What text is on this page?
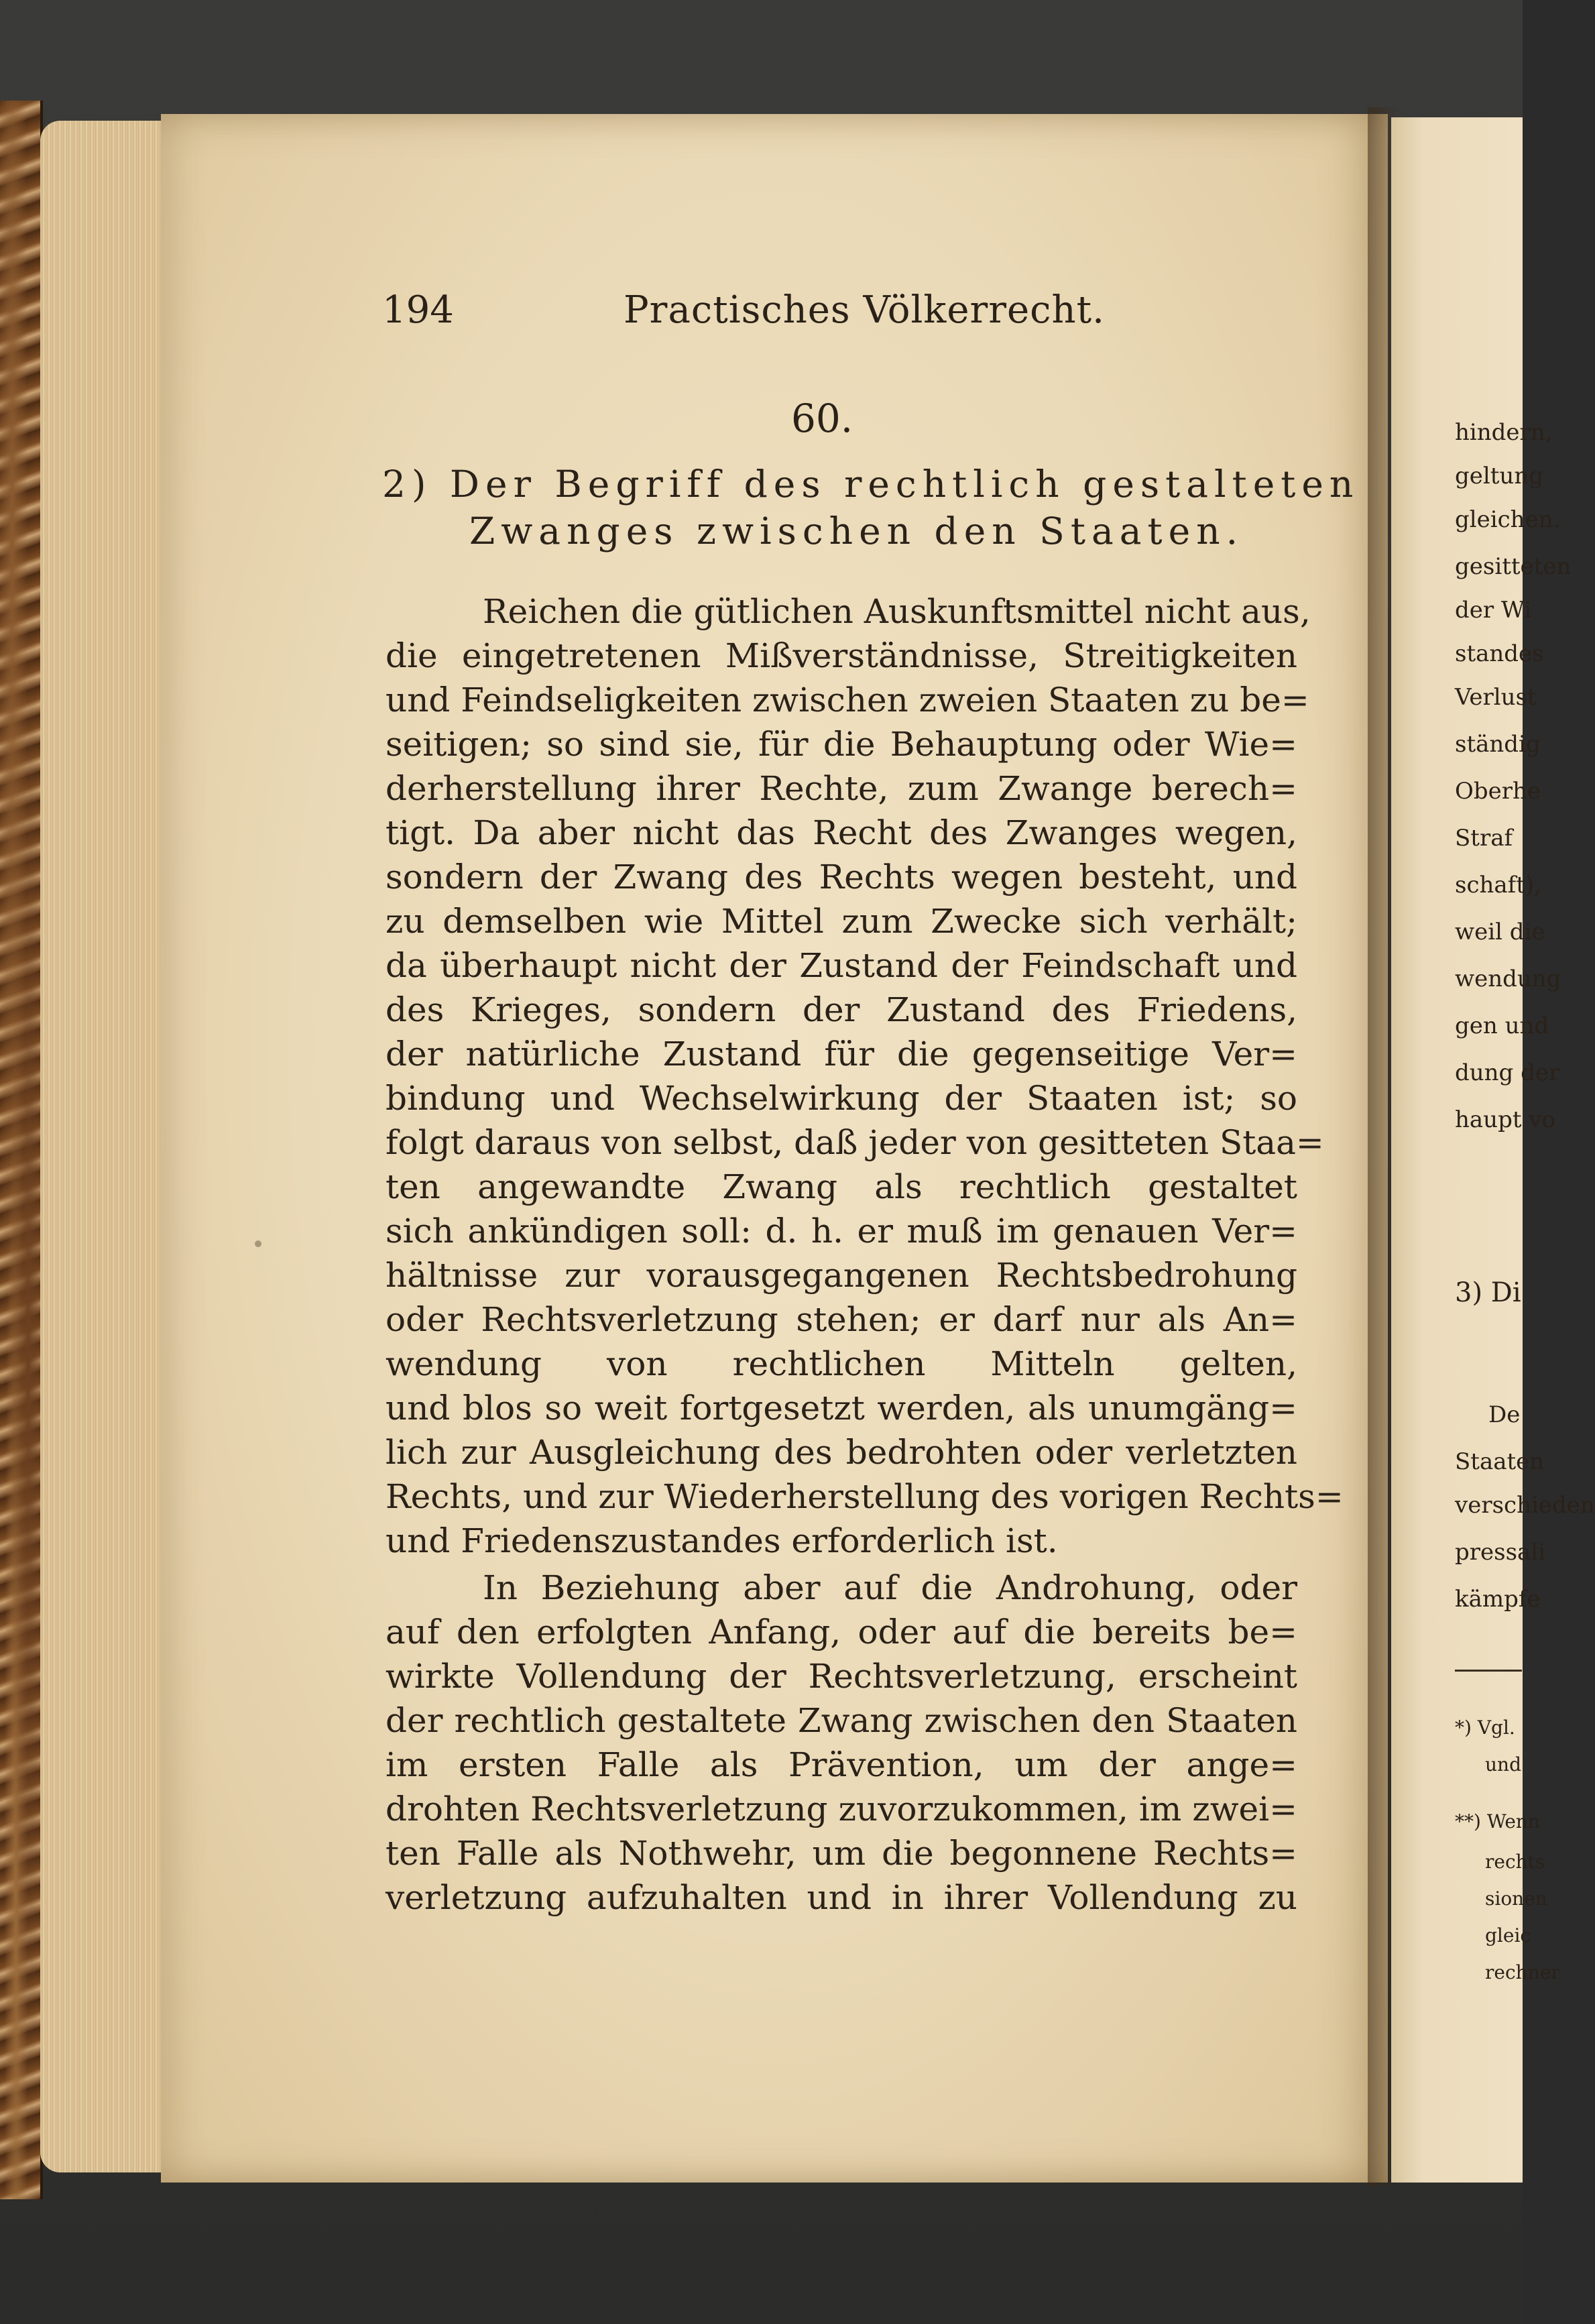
194	Practisches Völkerrecht.
60.
2) Der Begriff des rechtlich gestalteten
Zwanges zwischen den Staaten.
Reichen die gütlichen Auskunftsmittel nicht aus,
die eingetretenen Mißverständnisse, Streitigkeiten
und Feindseligkeiten zwischen zweien Staaten zu be=
seitigen; so sind sie, für die Behauptung oder Wie=
derherstellung ihrer Rechte, zum Zwange berech=
tigt. Da aber nicht das Recht des Zwanges wegen,
sondern der Zwang des Rechts wegen besteht, und
zu demselben wie Mittel zum Zwecke sich verhält;
da überhaupt nicht der Zustand der Feindschaft und
des Krieges, sondern der Zustand des Friedens,
der natürliche Zustand für die gegenseitige Ver=
bindung und Wechselwirkung der Staaten ist; so
folgt daraus von selbst, daß jeder von gesitteten Staa=
ten angewandte Zwang als rechtlich gestaltet
sich ankündigen soll: d. h. er muß im genauen Ver=
hältnisse zur vorausgegangenen Rechtsbedrohung
oder Rechtsverletzung stehen; er darf nur als An=
wendung von rechtlichen Mitteln gelten,
und blos so weit fortgesetzt werden, als unumgäng=
lich zur Ausgleichung des bedrohten oder verletzten
Rechts, und zur Wiederherstellung des vorigen Rechts=
und Friedenszustandes erforderlich ist.
In Beziehung aber auf die Androhung, oder
auf den erfolgten Anfang, oder auf die bereits be=
wirkte Vollendung der Rechtsverletzung, erscheint
der rechtlich gestaltete Zwang zwischen den Staaten
im ersten Falle als Prävention, um der ange=
drohten Rechtsverletzung zuvorzukommen, im zwei=
ten Falle als Nothwehr, um die begonnene Rechts=
verletzung aufzuhalten und in ihrer Vollendung zu
hindern,
geltung
gleichen.
gesitteten
der Wi
standes
Verlust
ständig
Oberhe
Straf
schaft),
weil die
wendung
gen und
dung der
haupt vo
3) Di
De
Staaten
verschieden
pressali
kämpfe
*) Vgl.
und
**) Wenn
rechts
sionen
gleic
rechner
